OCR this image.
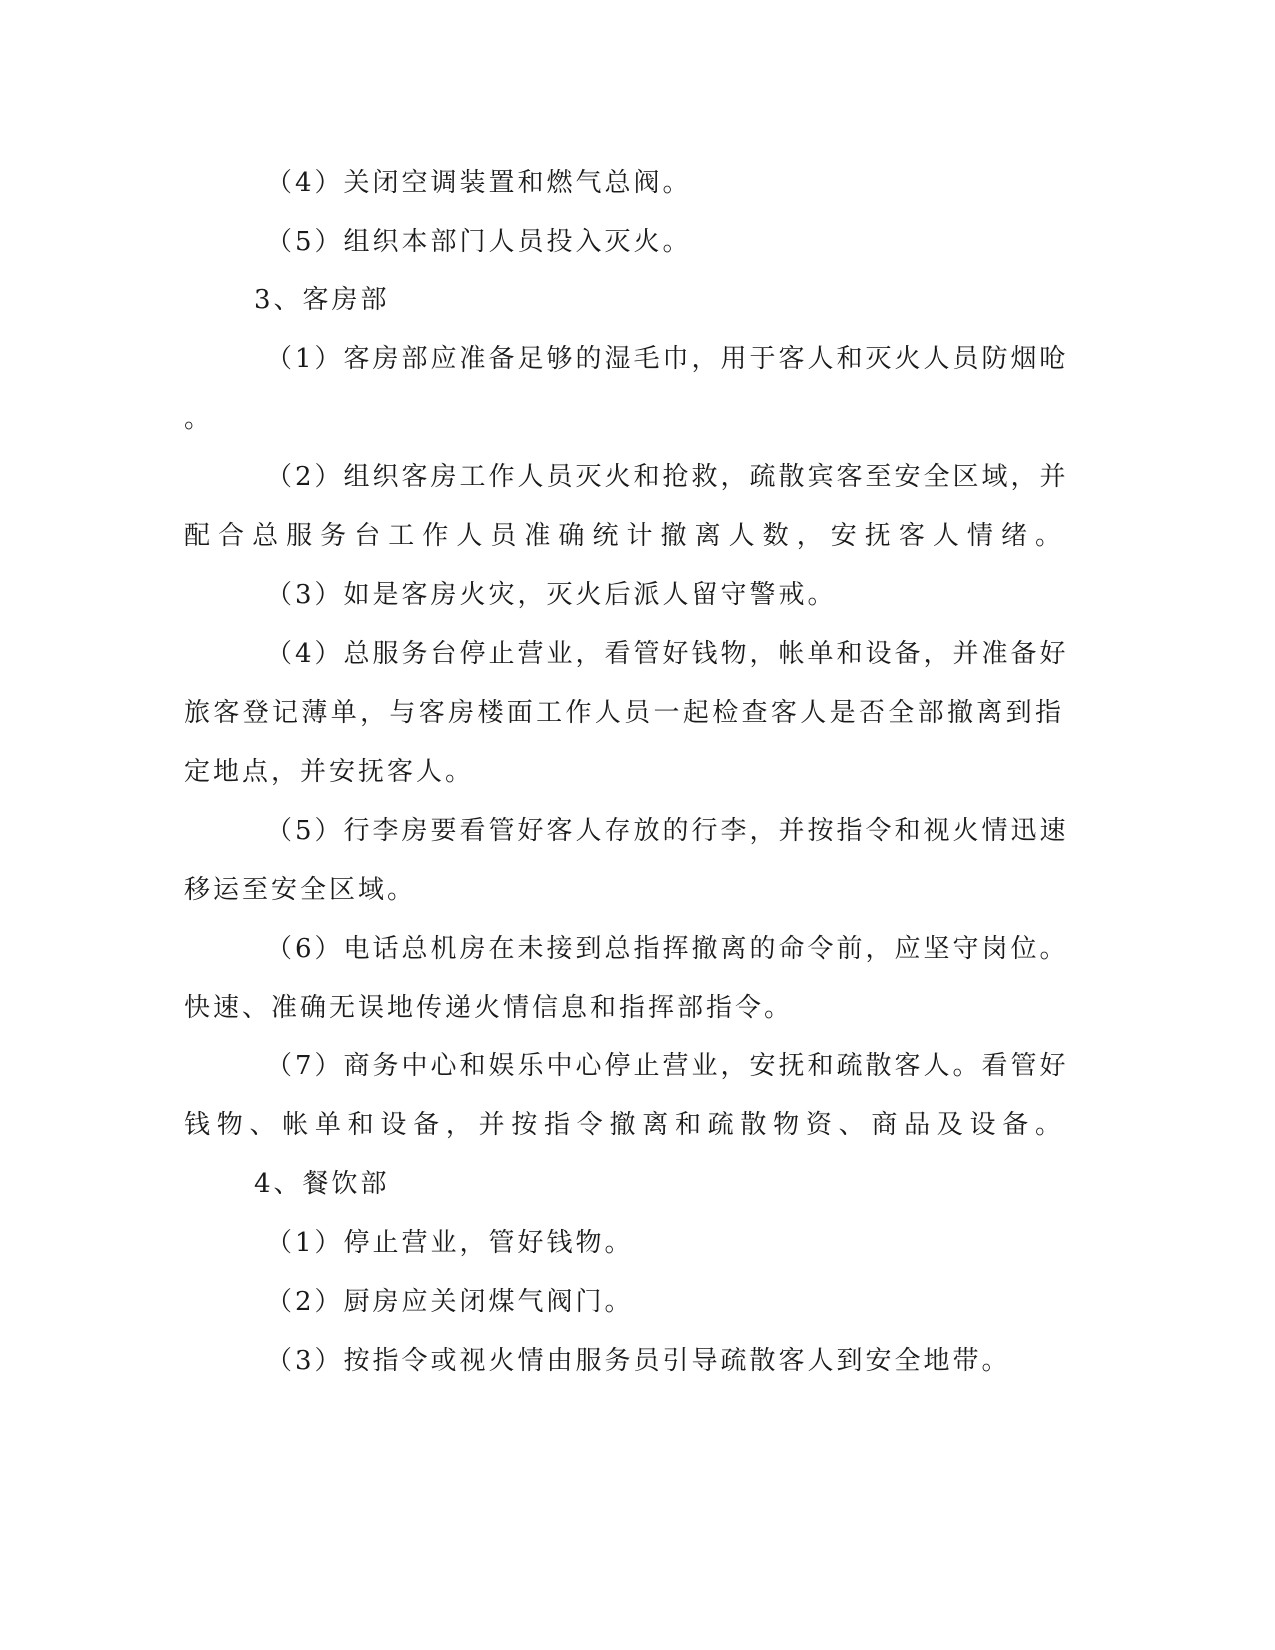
（4）关闭空调装置和燃气总阀。

（5）组织本部门人员投入灭火。

3、客房部

（1）客房部应准备足够的湿毛巾，用于客人和灭火人员防烟呛

。

（2）组织客房工作人员灭火和抢救，疏散宾客至安全区域，并

配合总服务台工作人员准确统计撤离人数，安抚客人情绪。

（3）如是客房火灾，灭火后派人留守警戒。

（4）总服务台停止营业，看管好钱物，帐单和设备，并准备好

旅客登记薄单，与客房楼面工作人员一起检查客人是否全部撤离到指

定地点，并安抚客人。

（5）行李房要看管好客人存放的行李，并按指令和视火情迅速

移运至安全区域。

（6）电话总机房在未接到总指挥撤离的命令前，应坚守岗位。

快速、准确无误地传递火情信息和指挥部指令。

（7）商务中心和娱乐中心停止营业，安抚和疏散客人。看管好

钱物、帐单和设备，并按指令撤离和疏散物资、商品及设备。

4、餐饮部

（1）停止营业，管好钱物。

（2）厨房应关闭煤气阀门。

（3）按指令或视火情由服务员引导疏散客人到安全地带。
